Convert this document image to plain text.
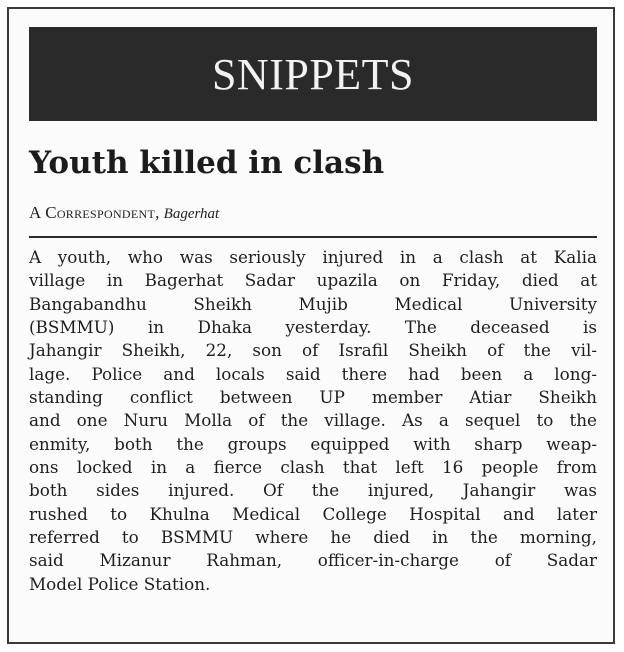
SNIPPETS
Youth killed in clash
A Correspondent, Bagerhat
A youth, who was seriously injured in a clash at Kalia
village in Bagerhat Sadar upazila on Friday, died at
Bangabandhu Sheikh Mujib Medical University
(BSMMU) in Dhaka yesterday. The deceased is
Jahangir Sheikh, 22, son of Israfil Sheikh of the vil-
lage. Police and locals said there had been a long-
standing conflict between UP member Atiar Sheikh
and one Nuru Molla of the village. As a sequel to the
enmity, both the groups equipped with sharp weap-
ons locked in a fierce clash that left 16 people from
both sides injured. Of the injured, Jahangir was
rushed to Khulna Medical College Hospital and later
referred to BSMMU where he died in the morning,
said Mizanur Rahman, officer-in-charge of Sadar
Model Police Station.
